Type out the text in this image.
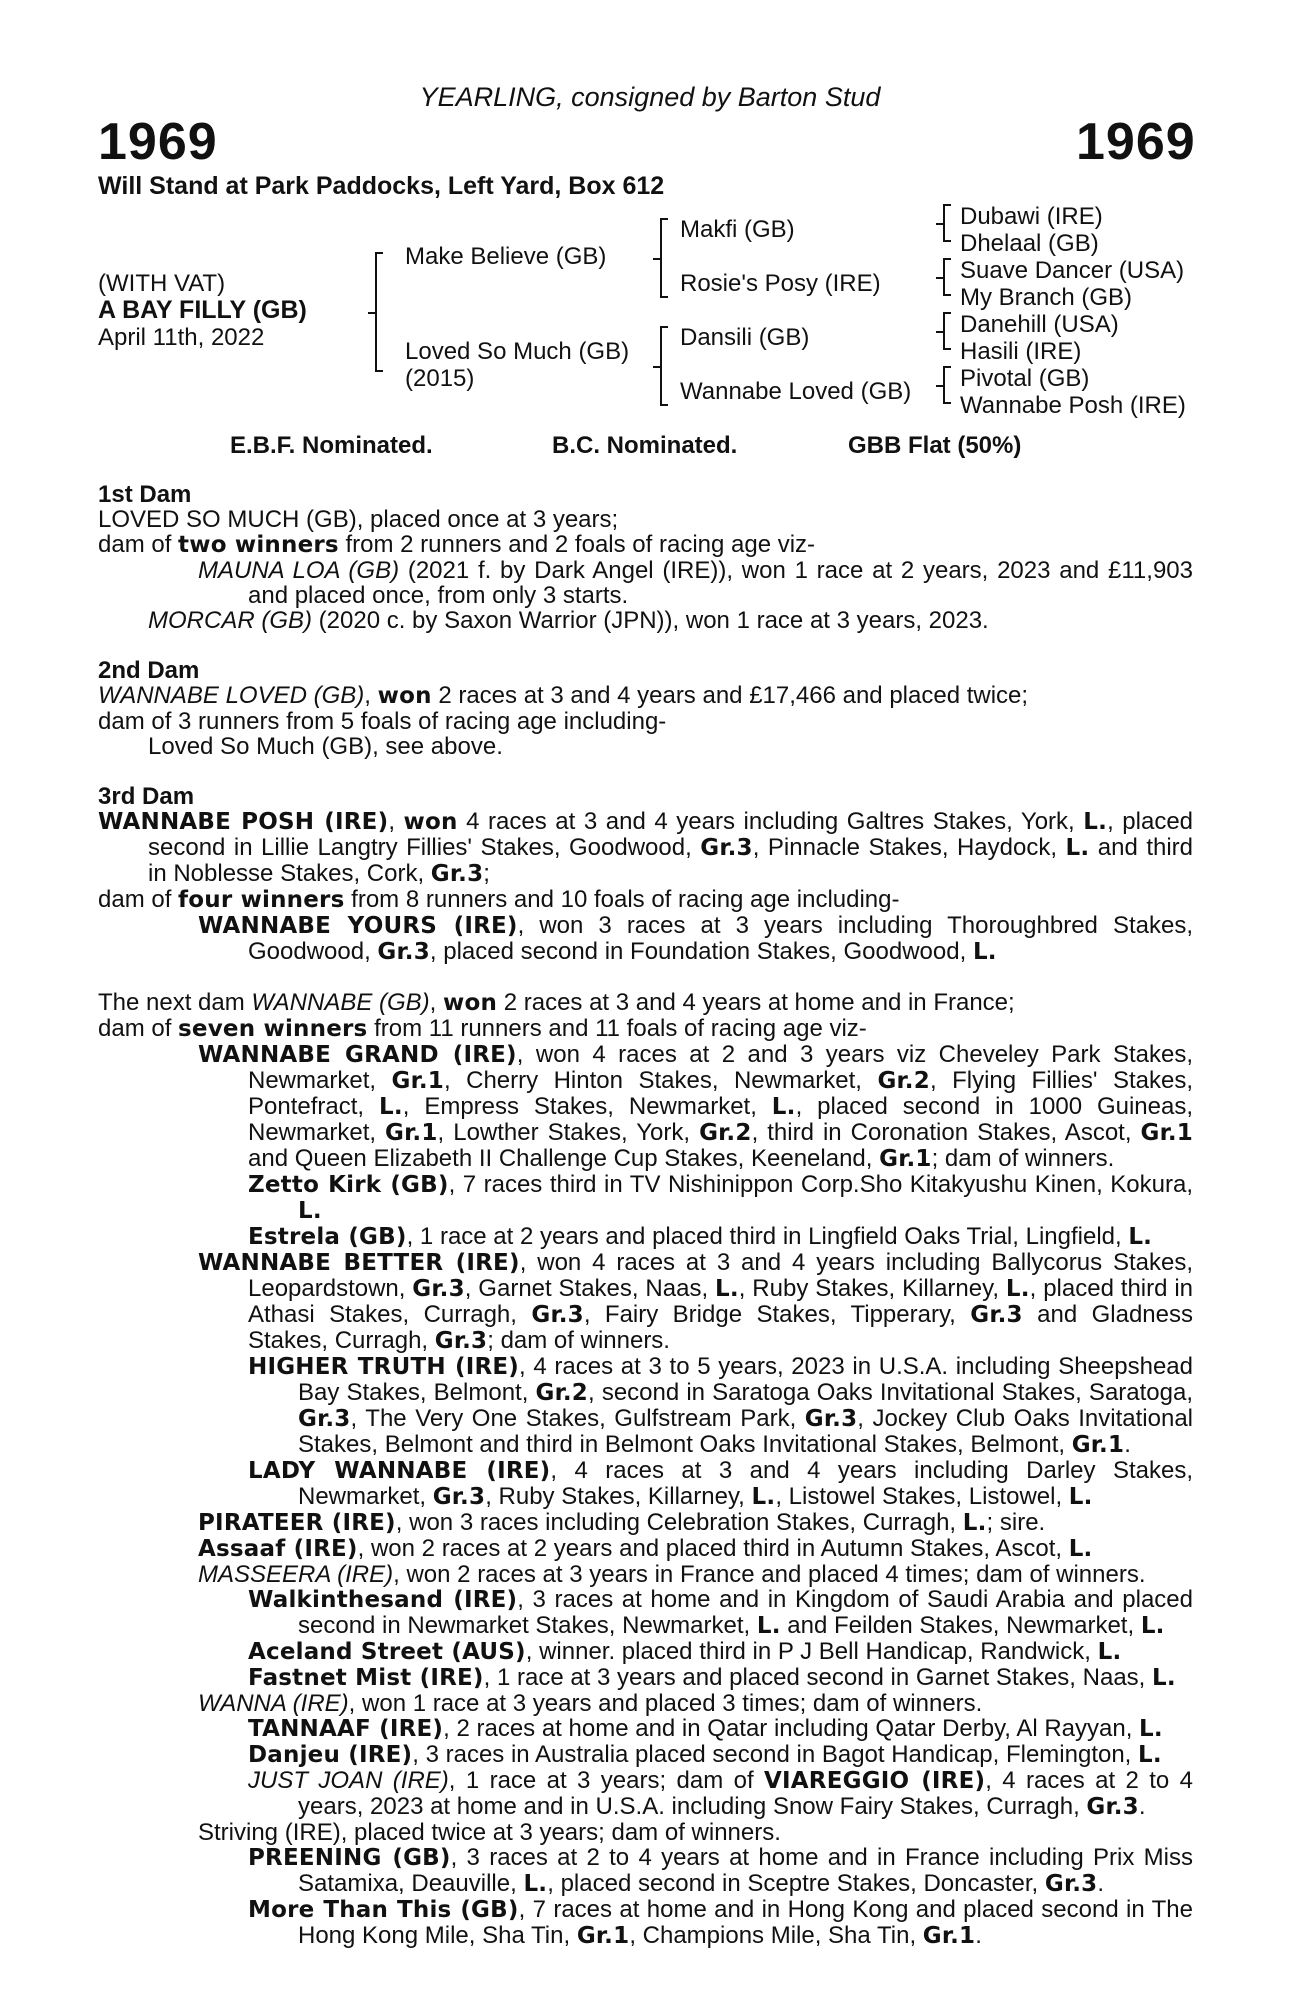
YEARLING, consigned by Barton Stud
1969	1969
Will Stand at Park Paddocks, Left Yard, Box 612
(WITH VAT)
A BAY FILLY (GB)
April 11th, 2022
Make Believe (GB)
Loved So Much (GB)
(2015)
Makfi (GB)
Rosie's Posy (IRE)
Dansili (GB)
Wannabe Loved (GB)
Dubawi (IRE)
Dhelaal (GB)
Suave Dancer (USA)
My Branch (GB)
Danehill (USA)
Hasili (IRE)
Pivotal (GB)
Wannabe Posh (IRE)
E.B.F. Nominated.	B.C. Nominated.	GBB Flat (50%)

1st Dam

LOVED SO MUCH (GB), placed once at 3 years;

dam of two winners from 2 runners and 2 foals of racing age viz-

MAUNA LOA (GB) (2021 f. by Dark Angel (IRE)), won 1 race at 2 years, 2023 and £11,903 and placed once, from only 3 starts.

MORCAR (GB) (2020 c. by Saxon Warrior (JPN)), won 1 race at 3 years, 2023.

2nd Dam

WANNABE LOVED (GB), won 2 races at 3 and 4 years and £17,466 and placed twice;

dam of 3 runners from 5 foals of racing age including-

Loved So Much (GB), see above.

3rd Dam

WANNABE POSH (IRE), won 4 races at 3 and 4 years including Galtres Stakes, York, L., placed second in Lillie Langtry Fillies' Stakes, Goodwood, Gr.3, Pinnacle Stakes, Haydock, L. and third in Noblesse Stakes, Cork, Gr.3;

dam of four winners from 8 runners and 10 foals of racing age including-

WANNABE YOURS (IRE), won 3 races at 3 years including Thoroughbred Stakes, Goodwood, Gr.3, placed second in Foundation Stakes, Goodwood, L.

The next dam WANNABE (GB), won 2 races at 3 and 4 years at home and in France;

dam of seven winners from 11 runners and 11 foals of racing age viz-

WANNABE GRAND (IRE), won 4 races at 2 and 3 years viz Cheveley Park Stakes, Newmarket, Gr.1, Cherry Hinton Stakes, Newmarket, Gr.2, Flying Fillies' Stakes, Pontefract, L., Empress Stakes, Newmarket, L., placed second in 1000 Guineas, Newmarket, Gr.1, Lowther Stakes, York, Gr.2, third in Coronation Stakes, Ascot, Gr.1 and Queen Elizabeth II Challenge Cup Stakes, Keeneland, Gr.1; dam of winners.

Zetto Kirk (GB), 7 races third in TV Nishinippon Corp.Sho Kitakyushu Kinen, Kokura, L.

Estrela (GB), 1 race at 2 years and placed third in Lingfield Oaks Trial, Lingfield, L.

WANNABE BETTER (IRE), won 4 races at 3 and 4 years including Ballycorus Stakes, Leopardstown, Gr.3, Garnet Stakes, Naas, L., Ruby Stakes, Killarney, L., placed third in Athasi Stakes, Curragh, Gr.3, Fairy Bridge Stakes, Tipperary, Gr.3 and Gladness Stakes, Curragh, Gr.3; dam of winners.

HIGHER TRUTH (IRE), 4 races at 3 to 5 years, 2023 in U.S.A. including Sheepshead Bay Stakes, Belmont, Gr.2, second in Saratoga Oaks Invitational Stakes, Saratoga, Gr.3, The Very One Stakes, Gulfstream Park, Gr.3, Jockey Club Oaks Invitational Stakes, Belmont and third in Belmont Oaks Invitational Stakes, Belmont, Gr.1.

LADY WANNABE (IRE), 4 races at 3 and 4 years including Darley Stakes, Newmarket, Gr.3, Ruby Stakes, Killarney, L., Listowel Stakes, Listowel, L.

PIRATEER (IRE), won 3 races including Celebration Stakes, Curragh, L.; sire.

Assaaf (IRE), won 2 races at 2 years and placed third in Autumn Stakes, Ascot, L.

MASSEERA (IRE), won 2 races at 3 years in France and placed 4 times; dam of winners.

Walkinthesand (IRE), 3 races at home and in Kingdom of Saudi Arabia and placed second in Newmarket Stakes, Newmarket, L. and Feilden Stakes, Newmarket, L.

Aceland Street (AUS), winner. placed third in P J Bell Handicap, Randwick, L.

Fastnet Mist (IRE), 1 race at 3 years and placed second in Garnet Stakes, Naas, L.

WANNA (IRE), won 1 race at 3 years and placed 3 times; dam of winners.

TANNAAF (IRE), 2 races at home and in Qatar including Qatar Derby, Al Rayyan, L.

Danjeu (IRE), 3 races in Australia placed second in Bagot Handicap, Flemington, L.

JUST JOAN (IRE), 1 race at 3 years; dam of VIAREGGIO (IRE), 4 races at 2 to 4 years, 2023 at home and in U.S.A. including Snow Fairy Stakes, Curragh, Gr.3.

Striving (IRE), placed twice at 3 years; dam of winners.

PREENING (GB), 3 races at 2 to 4 years at home and in France including Prix Miss Satamixa, Deauville, L., placed second in Sceptre Stakes, Doncaster, Gr.3.

More Than This (GB), 7 races at home and in Hong Kong and placed second in The Hong Kong Mile, Sha Tin, Gr.1, Champions Mile, Sha Tin, Gr.1.
